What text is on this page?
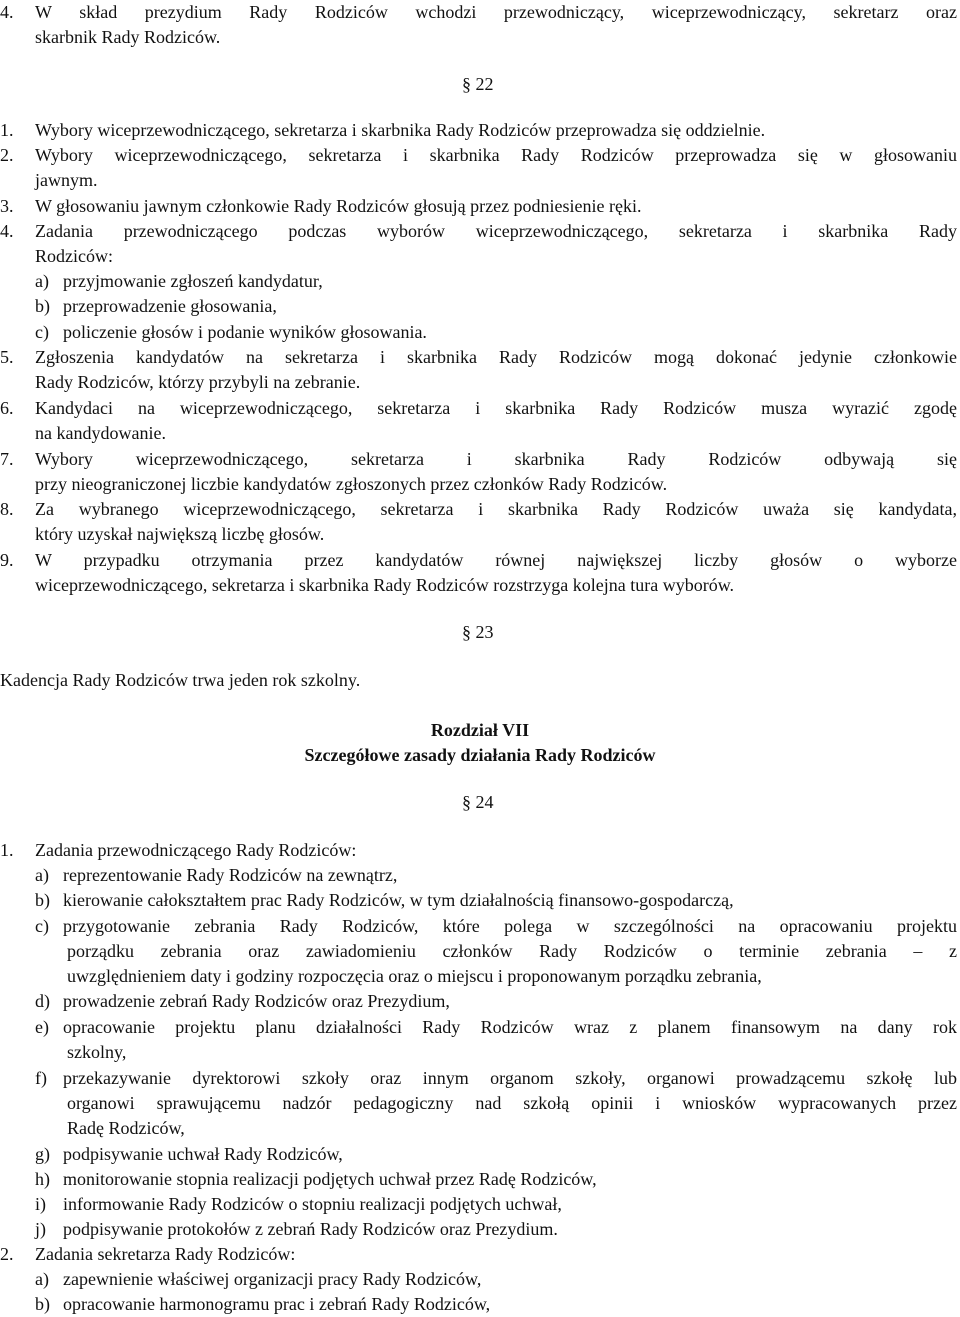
4. W skład prezydium Rady Rodziców wchodzi przewodniczący, wiceprzewodniczący, sekretarz oraz
skarbnik Rady Rodziców.
§ 22
1. Wybory wiceprzewodniczącego, sekretarza i skarbnika Rady Rodziców przeprowadza się oddzielnie.
2. Wybory wiceprzewodniczącego, sekretarza i skarbnika Rady Rodziców przeprowadza się w głosowaniu
jawnym.
3. W głosowaniu jawnym członkowie Rady Rodziców głosują przez podniesienie ręki.
4. Zadania przewodniczącego podczas wyborów wiceprzewodniczącego, sekretarza i skarbnika Rady
Rodziców:
a) przyjmowanie zgłoszeń kandydatur,
b) przeprowadzenie głosowania,
c) policzenie głosów i podanie wyników głosowania.
5. Zgłoszenia kandydatów na sekretarza i skarbnika Rady Rodziców mogą dokonać jedynie członkowie
Rady Rodziców, którzy przybyli na zebranie.
6. Kandydaci na wiceprzewodniczącego, sekretarza i skarbnika Rady Rodziców musza wyrazić zgodę
na kandydowanie.
7. Wybory wiceprzewodniczącego, sekretarza i skarbnika Rady Rodziców odbywają się
przy nieograniczonej liczbie kandydatów zgłoszonych przez członków Rady Rodziców.
8. Za wybranego wiceprzewodniczącego, sekretarza i skarbnika Rady Rodziców uważa się kandydata,
który uzyskał największą liczbę głosów.
9. W przypadku otrzymania przez kandydatów równej największej liczby głosów o wyborze
wiceprzewodniczącego, sekretarza i skarbnika Rady Rodziców rozstrzyga kolejna tura wyborów.
§ 23
Kadencja Rady Rodziców trwa jeden rok szkolny.
Rozdział VII
Szczegółowe zasady działania Rady Rodziców
§ 24
1. Zadania przewodniczącego Rady Rodziców:
a) reprezentowanie Rady Rodziców na zewnątrz,
b) kierowanie całokształtem prac Rady Rodziców, w tym działalnością finansowo-gospodarczą,
c) przygotowanie zebrania Rady Rodziców, które polega w szczególności na opracowaniu projektu
porządku zebrania oraz zawiadomieniu członków Rady Rodziców o terminie zebrania – z
uwzględnieniem daty i godziny rozpoczęcia oraz o miejscu i proponowanym porządku zebrania,
d) prowadzenie zebrań Rady Rodziców oraz Prezydium,
e) opracowanie projektu planu działalności Rady Rodziców wraz z planem finansowym na dany rok
szkolny,
f) przekazywanie dyrektorowi szkoły oraz innym organom szkoły, organowi prowadzącemu szkołę lub
organowi sprawującemu nadzór pedagogiczny nad szkołą opinii i wniosków wypracowanych przez
Radę Rodziców,
g) podpisywanie uchwał Rady Rodziców,
h) monitorowanie stopnia realizacji podjętych uchwał przez Radę Rodziców,
i) informowanie Rady Rodziców o stopniu realizacji podjętych uchwał,
j) podpisywanie protokołów z zebrań Rady Rodziców oraz Prezydium.
2. Zadania sekretarza Rady Rodziców:
a) zapewnienie właściwej organizacji pracy Rady Rodziców,
b) opracowanie harmonogramu prac i zebrań Rady Rodziców,
